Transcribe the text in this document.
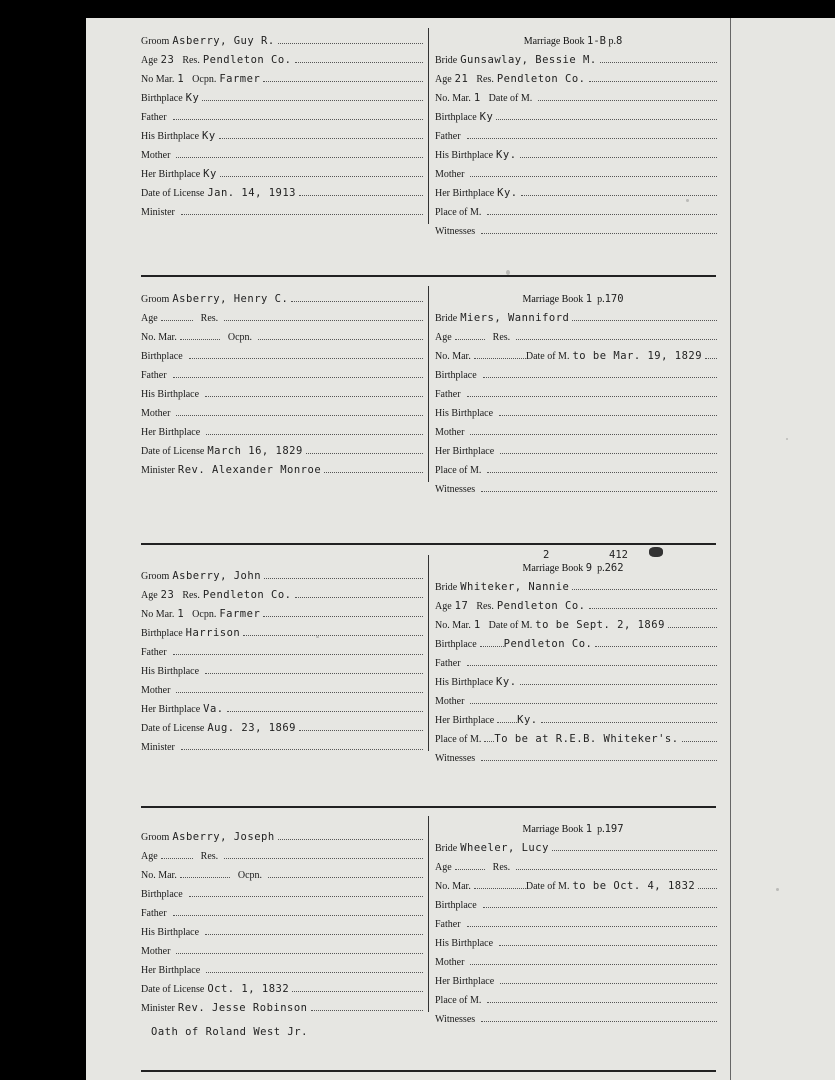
Groom Asberry, Guy R.
Age 23 Res. Pendleton Co.
No Mar. 1 Ocpn. Farmer
Birthplace Ky
Father
His Birthplace Ky
Mother
Her Birthplace Ky
Date of License Jan. 14, 1913
Minister
Marriage Book
1-B
p. 8
Bride Gunsawlay, Bessie M.
Age 21 Res. Pendleton Co.
No. Mar. 1 Date of M.
Birthplace Ky
Father
His Birthplace Ky.
Mother
Her Birthplace Ky.
Place of M.
Witnesses
Groom Asberry, Henry C.
Age	Res.
No. Mar.	Ocpn.
Birthplace
Father
His Birthplace
Mother
Her Birthplace
Date of License March 16, 1829
Minister Rev. Alexander Monroe
Marriage Book
1
p. 170
Bride Miers, Wanniford
Age	Res.
No. Mar.	Date of M. to be Mar. 19, 1829
Birthplace
Father
His Birthplace
Mother
Her Birthplace
Place of M.
Witnesses
Groom Asberry, John
Age 23 Res. Pendleton Co.
No Mar. 1 Ocpn. Farmer
Birthplace Harrison
Father
His Birthplace
Mother
Her Birthplace Va.
Date of License Aug. 23, 1869
Minister
2	412
Marriage Book
9
p. 262
Bride Whiteker, Nannie
Age 17 Res. Pendleton Co.
No. Mar. 1 Date of M. to be Sept. 2, 1869
Birthplace	Pendleton Co.
Father
His Birthplace Ky.
Mother
Her Birthplace Ky.
Place of M. To be at R.E.B. Whiteker's.
Witnesses
Groom Asberry, Joseph
Age	Res.
No. Mar.	Ocpn.
Birthplace
Father
His Birthplace
Mother
Her Birthplace
Date of License Oct. 1, 1832
Minister Rev. Jesse Robinson
Oath of Roland West Jr.
Marriage Book
1
p. 197
Bride Wheeler, Lucy
Age	Res.
No. Mar.	Date of M. to be Oct. 4, 1832
Birthplace
Father
His Birthplace
Mother
Her Birthplace
Place of M.
Witnesses
